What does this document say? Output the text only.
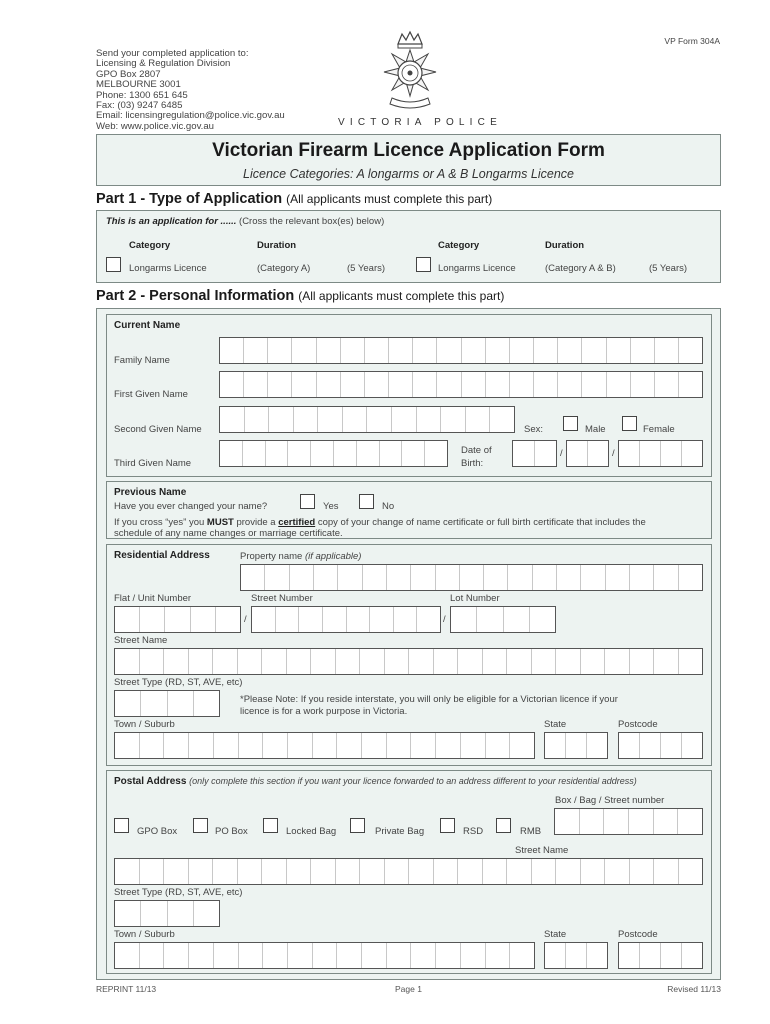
VP Form 304A
Send your completed application to:
Licensing & Regulation Division
GPO Box 2807
MELBOURNE 3001
Phone: 1300 651 645
Fax: (03) 9247 6485
Email: licensingregulation@police.vic.gov.au
Web: www.police.vic.gov.au	VICTORIA POLICE
Victorian Firearm Licence Application Form
Licence Categories: A longarms or A & B Longarms Licence
Part 1 - Type of Application (All applicants must complete this part)
This is an application for ...... (Cross the relevant box(es) below)
Category	Duration	Category	Duration
Longarms Licence	(Category A)	(5 Years)	Longarms Licence	(Category A & B)	(5 Years)
Part 2 - Personal Information (All applicants must complete this part)
Current Name
Family Name
First Given Name
Second Given Name	Sex:	Male	Female
Third Given Name
Date of
Birth:
/	/
Previous Name
Have you ever changed your name?	Yes	No
If you cross “yes” you MUST provide a certified copy of your change of name certificate or full birth certificate that includes the
schedule of any name changes or marriage certificate.
Residential Address	Property name (if applicable)
Flat / Unit Number	Street Number	Lot Number
/	/
Street Name
Street Type (RD, ST, AVE, etc)
*Please Note: If you reside interstate, you will only be eligible for a Victorian licence if your
licence is for a work purpose in Victoria.
Town / Suburb	State	Postcode
Postal Address (only complete this section if you want your licence forwarded to an address different to your residential address)
Box / Bag / Street number
GPO Box	PO Box	Locked Bag	Private Bag	RSD	RMB
Street Name
Street Type (RD, ST, AVE, etc)
Town / Suburb	State	Postcode
REPRINT 11/13	Page 1	Revised 11/13
